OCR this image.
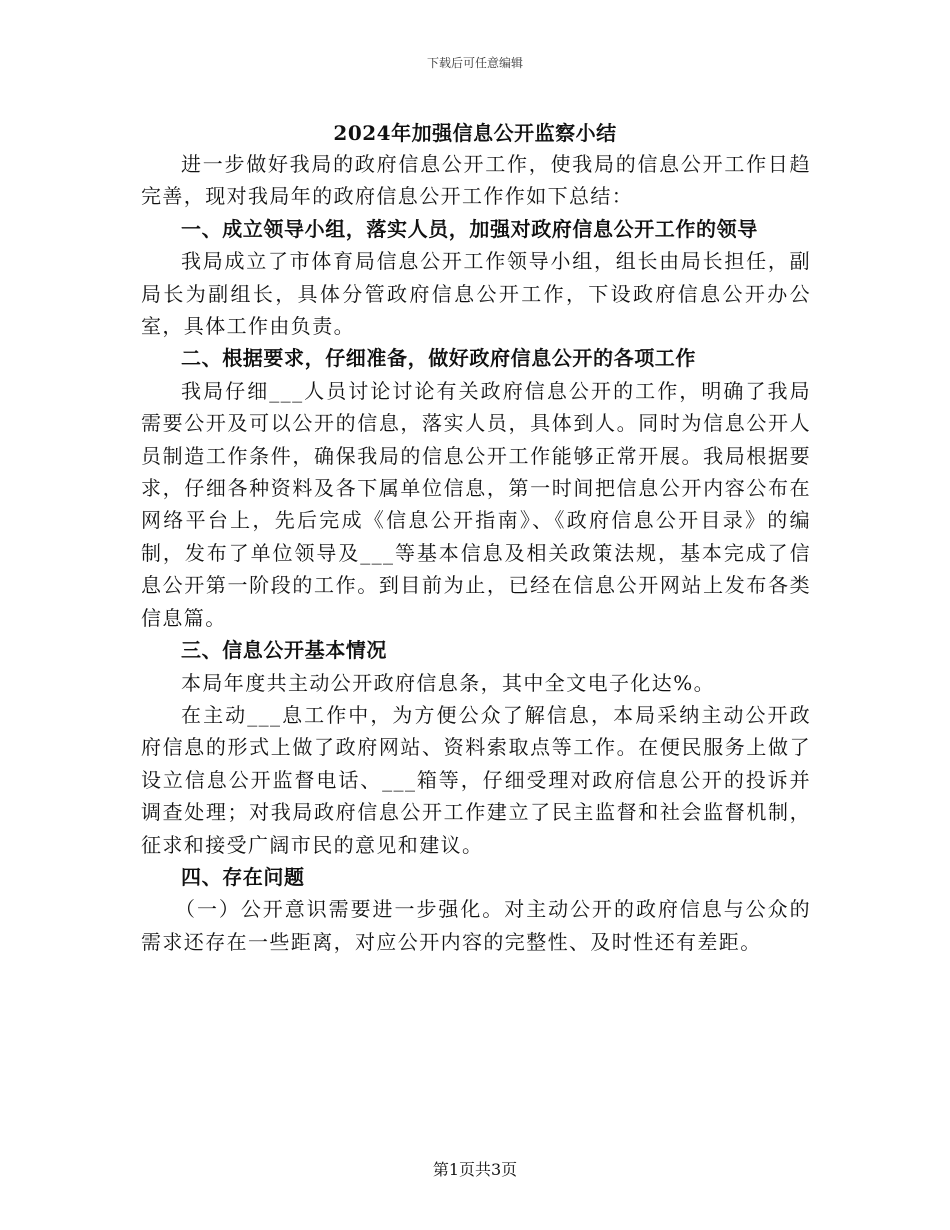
下载后可任意编辑
2024年加强信息公开监察小结

进一步做好我局的政府信息公开工作，使我局的信息公开工作日趋完善，现对我局年的政府信息公开工作作如下总结：

一、成立领导小组，落实人员，加强对政府信息公开工作的领导

我局成立了市体育局信息公开工作领导小组，组长由局长担任，副局长为副组长，具体分管政府信息公开工作，下设政府信息公开办公室，具体工作由负责。

二、根据要求，仔细准备，做好政府信息公开的各项工作

我局仔细___人员讨论讨论有关政府信息公开的工作，明确了我局需要公开及可以公开的信息，落实人员，具体到人。同时为信息公开人员制造工作条件，确保我局的信息公开工作能够正常开展。我局根据要求，仔细各种资料及各下属单位信息，第一时间把信息公开内容公布在网络平台上，先后完成《信息公开指南》、《政府信息公开目录》的编制，发布了单位领导及___等基本信息及相关政策法规，基本完成了信息公开第一阶段的工作。到目前为止，已经在信息公开网站上发布各类信息篇。

三、信息公开基本情况

本局年度共主动公开政府信息条，其中全文电子化达%。

在主动___息工作中，为方便公众了解信息，本局采纳主动公开政府信息的形式上做了政府网站、资料索取点等工作。在便民服务上做了设立信息公开监督电话、___箱等，仔细受理对政府信息公开的投诉并调查处理；对我局政府信息公开工作建立了民主监督和社会监督机制，征求和接受广阔市民的意见和建议。

四、存在问题

（一）公开意识需要进一步强化。对主动公开的政府信息与公众的需求还存在一些距离，对应公开内容的完整性、及时性还有差距。

第1页共3页
